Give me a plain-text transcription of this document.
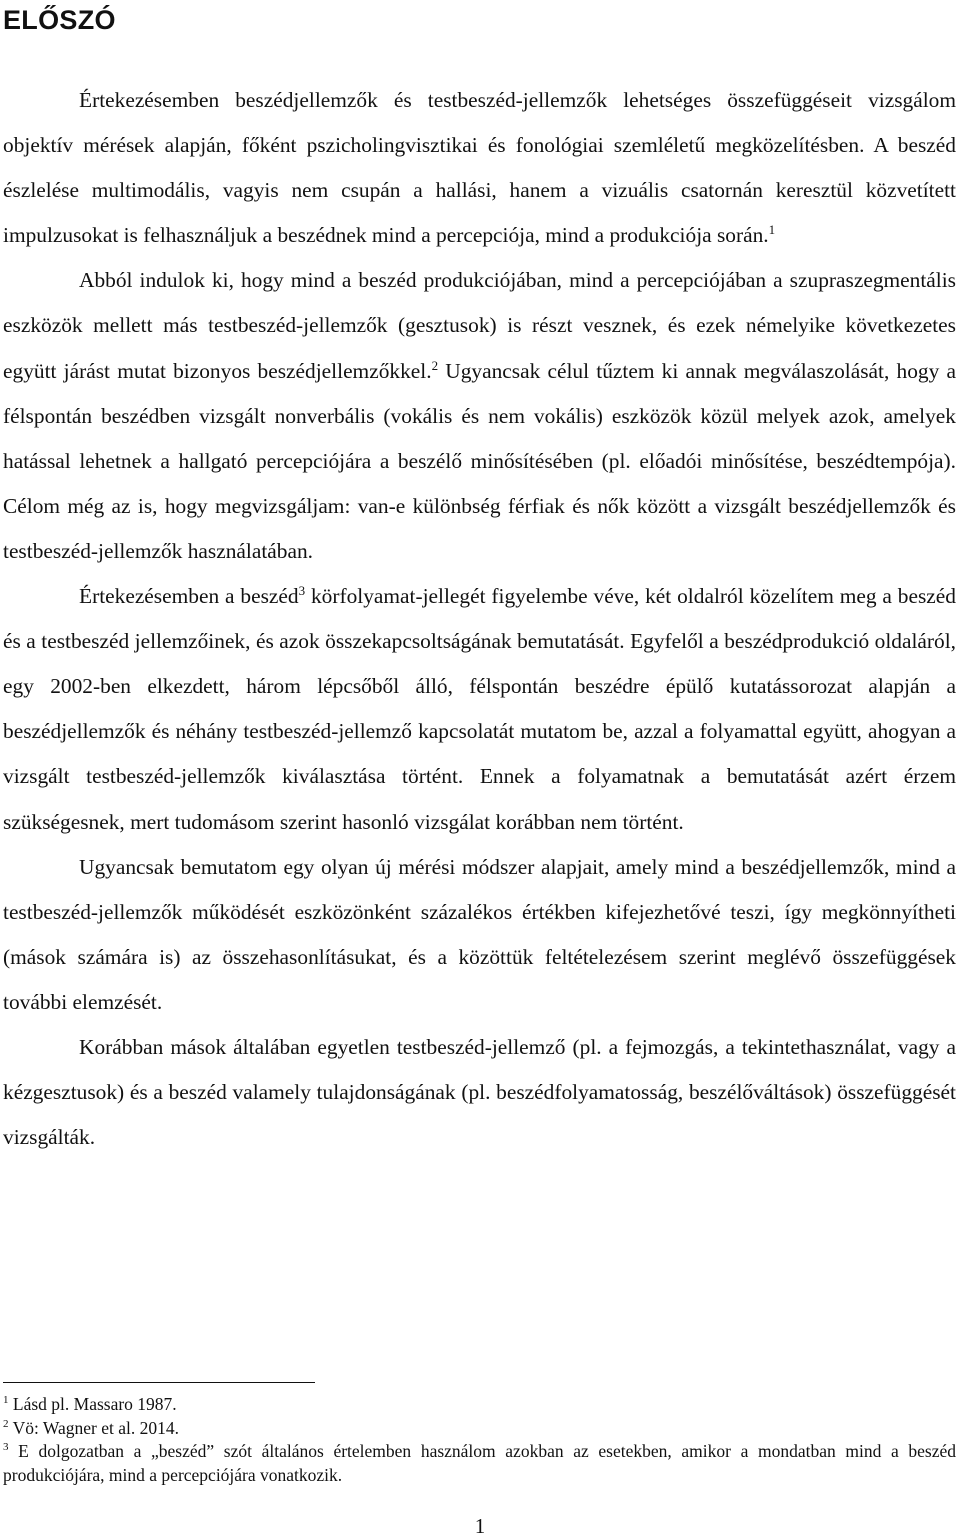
ELŐSZÓ

Értekezésemben beszédjellemzők és testbeszéd-jellemzők lehetséges összefüggéseit vizsgálom objektív mérések alapján, főként pszicholingvisztikai és fonológiai szemléletű megközelítésben. A beszéd észlelése multimodális, vagyis nem csupán a hallási, hanem a vizuális csatornán keresztül közvetített impulzusokat is felhasználjuk a beszédnek mind a percepciója, mind a produkciója során.$^1$

Abból indulok ki, hogy mind a beszéd produkciójában, mind a percepciójában a szupraszegmentális eszközök mellett más testbeszéd-jellemzők (gesztusok) is részt vesznek, és ezek némelyike következetes együtt járást mutat bizonyos beszédjellemzőkkel.$^2$ Ugyancsak célul tűztem ki annak megválaszolását, hogy a félspontán beszédben vizsgált nonverbális (vokális és nem vokális) eszközök közül melyek azok, amelyek hatással lehetnek a hallgató percepciójára a beszélő minősítésében (pl. előadói minősítése, beszédtempója). Célom még az is, hogy megvizsgáljam: van-e különbség férfiak és nők között a vizsgált beszédjellemzők és testbeszéd-jellemzők használatában.

Értekezésemben a beszéd$^3$ körfolyamat-jellegét figyelembe véve, két oldalról közelítem meg a beszéd és a testbeszéd jellemzőinek, és azok összekapcsoltságának bemutatását. Egyfelől a beszédprodukció oldaláról, egy 2002-ben elkezdett, három lépcsőből álló, félspontán beszédre épülő kutatássorozat alapján a beszédjellemzők és néhány testbeszéd-jellemző kapcsolatát mutatom be, azzal a folyamattal együtt, ahogyan a vizsgált testbeszéd-jellemzők kiválasztása történt. Ennek a folyamatnak a bemutatását azért érzem szükségesnek, mert tudomásom szerint hasonló vizsgálat korábban nem történt.

Ugyancsak bemutatom egy olyan új mérési módszer alapjait, amely mind a beszédjellemzők, mind a testbeszéd-jellemzők működését eszközönként százalékos értékben kifejezhetővé teszi, így megkönnyítheti (mások számára is) az összehasonlításukat, és a közöttük feltételezésem szerint meglévő összefüggések további elemzését.

Korábban mások általában egyetlen testbeszéd-jellemző (pl. a fejmozgás, a tekintethasználat, vagy a kézgesztusok) és a beszéd valamely tulajdonságának (pl. beszédfolyamatosság, beszélőváltások) összefüggését vizsgálták.

$^1$ Lásd pl. Massaro 1987.

$^2$ Vö: Wagner et al. 2014.

$^3$ E dolgozatban a „beszéd” szót általános értelemben használom azokban az esetekben, amikor a mondatban mind a beszéd produkciójára, mind a percepciójára vonatkozik.

1
